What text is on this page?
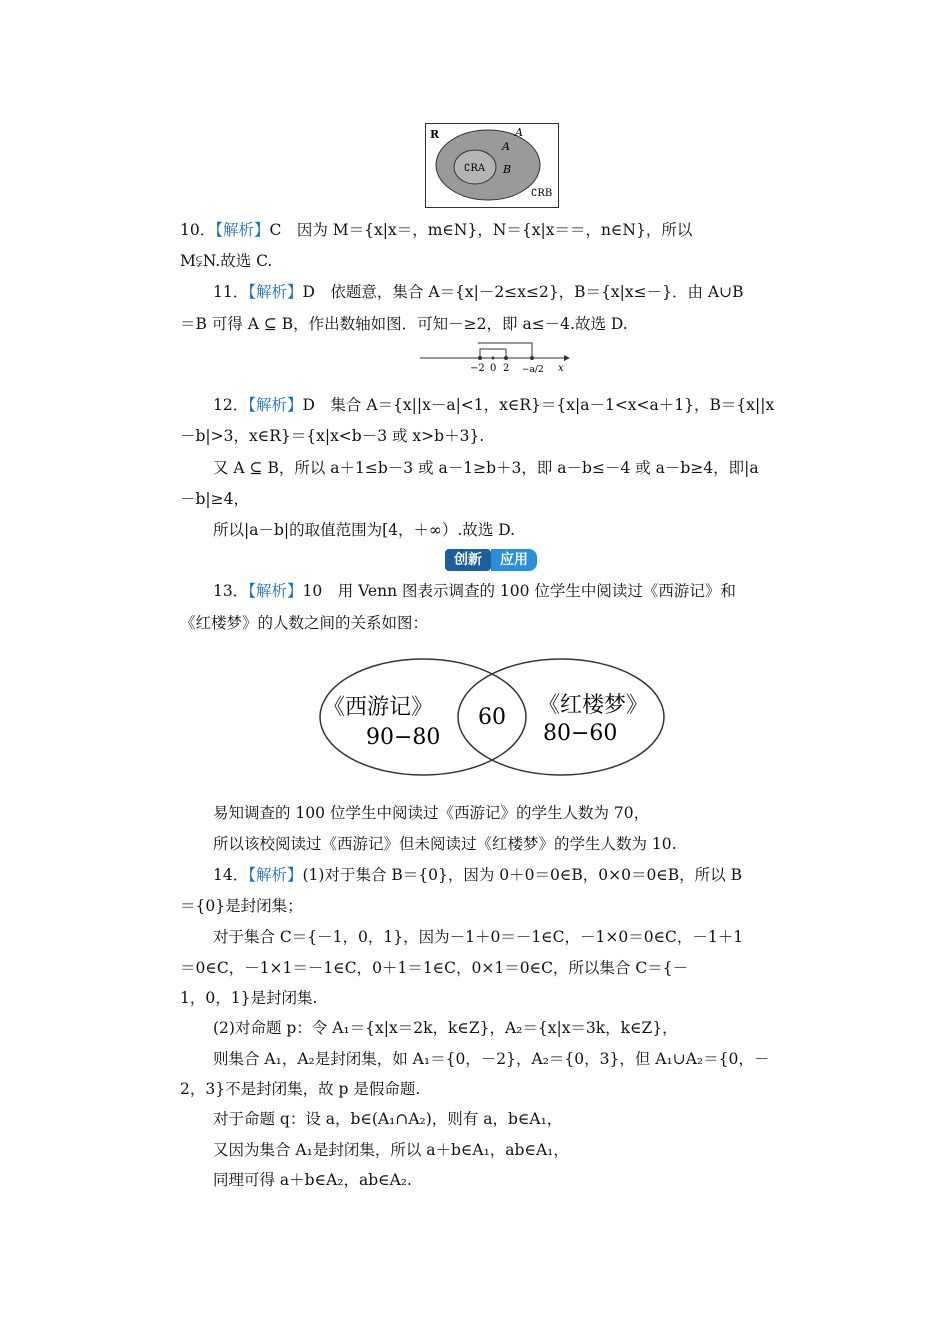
R	A
A
∁RA B
∁RB
10．【解析】C　因为 M＝{x|x＝，m∈N}，N＝{x|x＝＝，n∈N}，所以
M⫋N.故选 C.
11．【解析】D　依题意，集合 A＝{x|－2≤x≤2}，B＝{x|x≤－}．由 A∪B
＝B 可得 A ⊆ B，作出数轴如图．可知－≥2，即 a≤－4.故选 D.
−2 0 2 −a/2 x
12．【解析】D　集合 A＝{x||x－a|<1，x∈R}＝{x|a－1<x<a＋1}，B＝{x||x
－b|>3，x∈R}＝{x|x<b－3 或 x>b＋3}.
又 A ⊆ B，所以 a＋1≤b－3 或 a－1≥b＋3，即 a－b≤－4 或 a－b≥4，即|a
－b|≥4，
所以|a－b|的取值范围为[4，＋∞）.故选 D.
创新	应用
13．【解析】10　用 Venn 图表示调查的 100 位学生中阅读过《西游记》和
《红楼梦》的人数之间的关系如图：
《西游记》
90−80
60 《红楼梦》
80−60
易知调查的 100 位学生中阅读过《西游记》的学生人数为 70，
所以该校阅读过《西游记》但未阅读过《红楼梦》的学生人数为 10.
14．【解析】(1)对于集合 B＝{0}，因为 0＋0＝0∈B，0×0＝0∈B，所以 B
＝{0}是封闭集；
对于集合 C＝{－1，0，1}，因为－1＋0＝－1∈C，－1×0＝0∈C，－1＋1
＝0∈C，－1×1＝－1∈C，0＋1＝1∈C，0×1＝0∈C，所以集合 C＝{－
1，0，1}是封闭集.
(2)对命题 p：令 A₁＝{x|x＝2k，k∈Z}，A₂＝{x|x＝3k，k∈Z}，
则集合 A₁，A₂是封闭集，如 A₁＝{0，－2}，A₂＝{0，3}，但 A₁∪A₂＝{0，－
2，3}不是封闭集，故 p 是假命题.
对于命题 q：设 a，b∈(A₁∩A₂)，则有 a，b∈A₁，
又因为集合 A₁是封闭集，所以 a＋b∈A₁，ab∈A₁，
同理可得 a＋b∈A₂，ab∈A₂.
